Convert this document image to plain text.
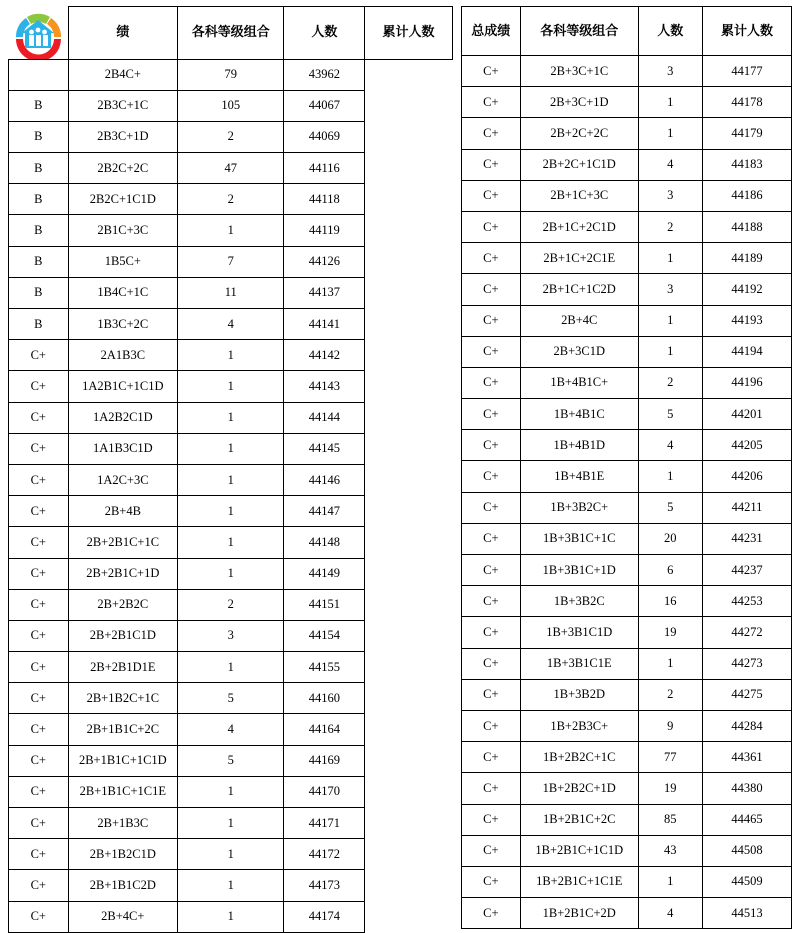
	绩	各科等级组合	人数	累计人数
	2B4C+	79	43962	
B	2B3C+1C	105	44067	
B	2B3C+1D	2	44069	
B	2B2C+2C	47	44116	
B	2B2C+1C1D	2	44118	
B	2B1C+3C	1	44119	
B	1B5C+	7	44126	
B	1B4C+1C	11	44137	
B	1B3C+2C	4	44141	
C+	2A1B3C	1	44142	
C+	1A2B1C+1C1D	1	44143	
C+	1A2B2C1D	1	44144	
C+	1A1B3C1D	1	44145	
C+	1A2C+3C	1	44146	
C+	2B+4B	1	44147	
C+	2B+2B1C+1C	1	44148	
C+	2B+2B1C+1D	1	44149	
C+	2B+2B2C	2	44151	
C+	2B+2B1C1D	3	44154	
C+	2B+2B1D1E	1	44155	
C+	2B+1B2C+1C	5	44160	
C+	2B+1B1C+2C	4	44164	
C+	2B+1B1C+1C1D	5	44169	
C+	2B+1B1C+1C1E	1	44170	
C+	2B+1B3C	1	44171	
C+	2B+1B2C1D	1	44172	
C+	2B+1B1C2D	1	44173	
C+	2B+4C+	1	44174	
总成绩	各科等级组合	人数	累计人数
C+	2B+3C+1C	3	44177
C+	2B+3C+1D	1	44178
C+	2B+2C+2C	1	44179
C+	2B+2C+1C1D	4	44183
C+	2B+1C+3C	3	44186
C+	2B+1C+2C1D	2	44188
C+	2B+1C+2C1E	1	44189
C+	2B+1C+1C2D	3	44192
C+	2B+4C	1	44193
C+	2B+3C1D	1	44194
C+	1B+4B1C+	2	44196
C+	1B+4B1C	5	44201
C+	1B+4B1D	4	44205
C+	1B+4B1E	1	44206
C+	1B+3B2C+	5	44211
C+	1B+3B1C+1C	20	44231
C+	1B+3B1C+1D	6	44237
C+	1B+3B2C	16	44253
C+	1B+3B1C1D	19	44272
C+	1B+3B1C1E	1	44273
C+	1B+3B2D	2	44275
C+	1B+2B3C+	9	44284
C+	1B+2B2C+1C	77	44361
C+	1B+2B2C+1D	19	44380
C+	1B+2B1C+2C	85	44465
C+	1B+2B1C+1C1D	43	44508
C+	1B+2B1C+1C1E	1	44509
C+	1B+2B1C+2D	4	44513
